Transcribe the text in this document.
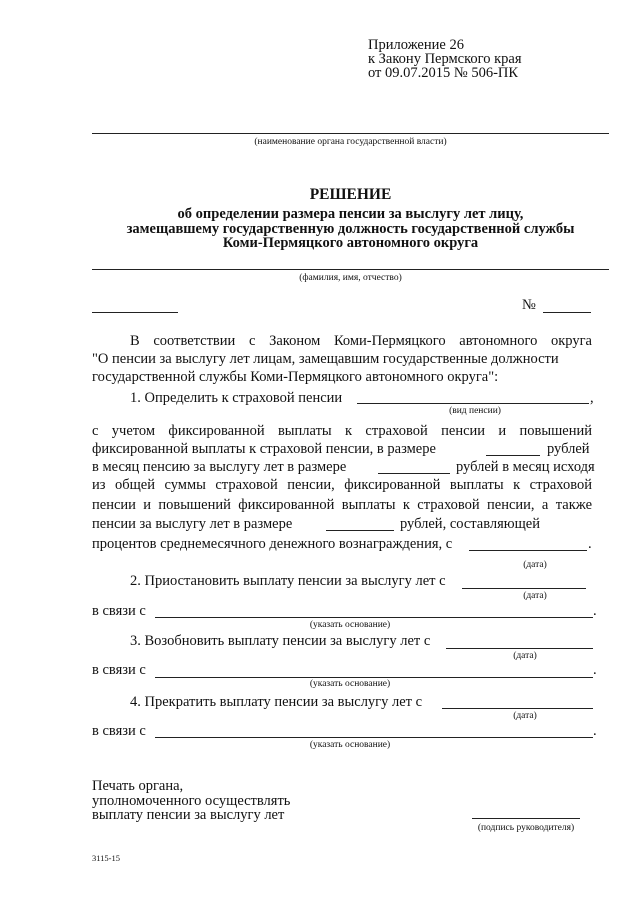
Приложение 26
к Закону Пермского края
от 09.07.2015 № 506-ПК
(наименование органа государственной власти)
РЕШЕНИЕ
об определении размера пенсии за выслугу лет лицу,
замещавшему государственную должность государственной службы
Коми-Пермяцкого автономного округа
(фамилия, имя, отчество)
№
В соответствии с Законом Коми-Пермяцкого автономного округа
"О пенсии за выслугу лет лицам, замещавшим государственные должности
государственной службы Коми-Пермяцкого автономного округа":
1. Определить к страховой пенсии	,
(вид пенсии)
с учетом фиксированной выплаты к страховой пенсии и повышений
фиксированной выплаты к страховой пенсии, в размере	рублей
в месяц пенсию за выслугу лет в размере	рублей в месяц исходя
из общей суммы страховой пенсии, фиксированной выплаты к страховой
пенсии и повышений фиксированной выплаты к страховой пенсии, а также
пенсии за выслугу лет в размере	рублей, составляющей
процентов среднемесячного денежного вознаграждения, с	.
(дата)
2. Приостановить выплату пенсии за выслугу лет с
(дата)
в связи с	.
(указать основание)
3. Возобновить выплату пенсии за выслугу лет с
(дата)
в связи с	.
(указать основание)
4. Прекратить выплату пенсии за выслугу лет с
(дата)
в связи с	.
(указать основание)
Печать органа,
уполномоченного осуществлять
выплату пенсии за выслугу лет
(подпись руководителя)
3115-15
